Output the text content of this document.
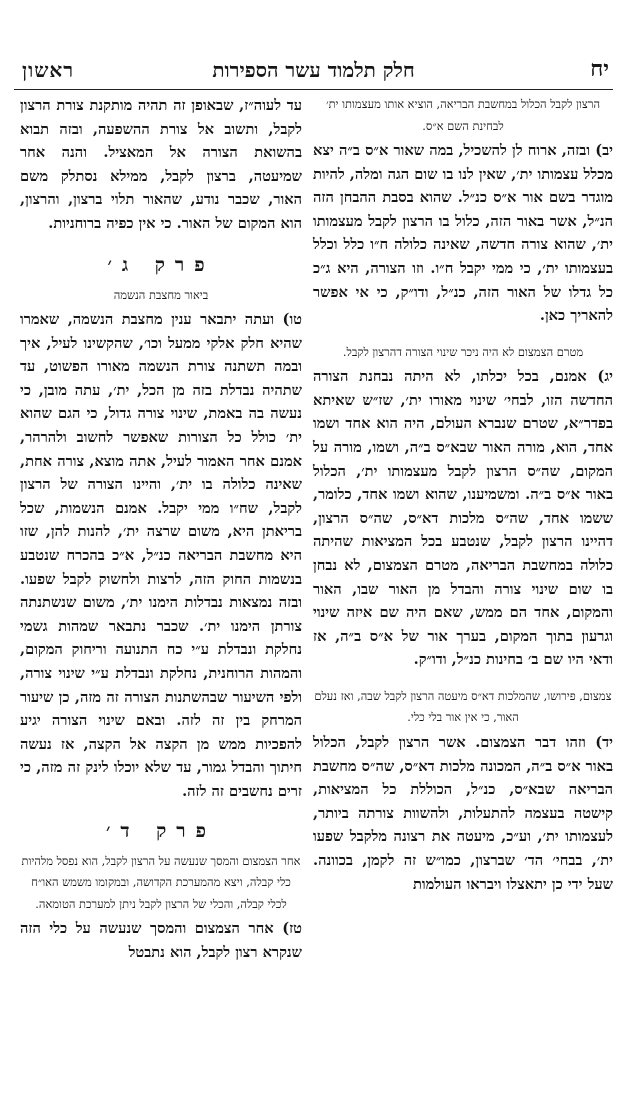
יח
חלק תלמוד עשר הספירות
ראשון

הרצון לקבל הכלול במחשבת הבריאה, הוציא אותו מעצמותו ית׳ לבחינת השם א״ס.

יב) ובזה, ארוח לן להשכיל, במה שאור א״ס ב״ה יצא מכלל עצמותו ית׳, שאין לנו בו שום הגה ומלה, להיות מוגדר בשם אור א״ס כנ״ל. שהוא בסבת ההבחן הזה הנ״ל, אשר באור הזה, כלול בו הרצון לקבל מעצמותו ית׳, שהוא צורה חדשה, שאינה כלולה ח״ו כלל וכלל בעצמותו ית׳, כי ממי יקבל ח״ו. וזו הצורה, היא ג״כ כל גדלו של האור הזה, כנ״ל, ודו״ק, כי אי אפשר להאריך כאן.

מטרם הצמצום לא היה ניכר שינוי הצורה דהרצון לקבל.

יג) אמנם, בכל יכלתו, לא היתה נבחנת הצורה החדשה הזו, לבחי׳ שינוי מאורו ית׳, שז״ש שאיתא בפדר״א, שטרם שנברא העולם, היה הוא אחד ושמו אחד, הוא, מורה האור שבא״ס ב״ה, ושמו, מורה על המקום, שה״ס הרצון לקבל מעצמותו ית׳, הכלול באור א״ס ב״ה. ומשמיענו, שהוא ושמו אחד, כלומר, ששמו אחד, שה״ס מלכות דא״ס, שה״ס הרצון, דהיינו הרצון לקבל, שנטבע בכל המציאות שהיתה כלולה במחשבת הבריאה, מטרם הצמצום, לא נבחן בו שום שינוי צורה והבדל מן האור שבו, האור והמקום, אחד הם ממש, שאם היה שם איזה שינוי וגרעון בתוך המקום, בערך אור של א״ס ב״ה, אז ודאי היו שם ב׳ בחינות כנ״ל, ודו״ק.

צמצום, פירושו, שהמלכות דא״ס מיעטה הרצון לקבל שבה, ואז נעלם האור, כי אין אור בלי כלי.

יד) וזהו דבר הצמצום. אשר הרצון לקבל, הכלול באור א״ס ב״ה, המכונה מלכות דא״ס, שה״ס מחשבת הבריאה שבא״ס, כנ״ל, הכוללת כל המציאות, קישטה בעצמה להתעלות, ולהשוות צורתה ביותר, לעצמותו ית׳, וע״כ, מיעטה את רצונה מלקבל שפעו ית׳, בבחי׳ הד׳ שברצון, כמו״ש זה לקמן, בכוונה. שעל ידי כן יתאצלו ויבראו העולמות

עד לעוה״ז, שבאופן זה תהיה מותקנת צורת הרצון לקבל, ותשוב אל צורת ההשפעה, ובזה תבוא בהשואת הצורה אל המאציל. והנה אחר שמיעטה, ברצון לקבל, ממילא נסתלק משם האור, שכבר נודע, שהאור תלוי ברצון, והרצון, הוא המקום של האור. כי אין כפיה ברוחניות.

פרק ג׳

ביאור מחצבת הנשמה

טו) ועתה יתבאר ענין מחצבת הנשמה, שאמרו שהיא חלק אלקי ממעל וכו׳, שהקשינו לעיל, איך ובמה תשתנה צורת הנשמה מאורו הפשוט, עד שתהיה נבדלת בזה מן הכל, ית׳, עתה מובן, כי נעשה בה באמת, שינוי צורה גדול, כי הגם שהוא ית׳ כולל כל הצורות שאפשר לחשוב ולהרהר, אמנם אחר האמור לעיל, אתה מוצא, צורה אחת, שאינה כלולה בו ית׳, והיינו הצורה של הרצון לקבל, שח״ו ממי יקבל. אמנם הנשמות, שכל בריאתן היא, משום שרצה ית׳, להנות להן, שזו היא מחשבת הבריאה כנ״ל, א״כ בהכרח שנטבע בנשמות החוק הזה, לרצות ולחשוק לקבל שפעו. ובזה נמצאות נבדלות הימנו ית׳, משום שנשתנתה צורתן הימנו ית׳. שכבר נתבאר שמהות גשמי נחלקת ונבדלת ע״י כח התנועה וריחוק המקום, והמהות הרוחנית, נחלקת ונבדלת ע״י שינוי צורה, ולפי השיעור שבהשתנות הצורה זה מזה, כן שיעור המרחק בין זה לזה. ובאם שינוי הצורה יגיע להפכיות ממש מן הקצה אל הקצה, אז נעשה חיתוך והבדל גמור, עד שלא יוכלו לינק זה מזה, כי זרים נחשבים זה לזה.

פרק ד׳

אחר הצמצום והמסך שנעשה על הרצון לקבל, הוא נפסל מלהיות כלי קבלה, ויצא מהמערכת הקדושה, ובמקומו משמש האו״ח לכלי קבלה, והכלי של הרצון לקבל ניתן למערכת הטומאה.

טז) אחר הצמצום והמסך שנעשה על כלי הזה שנקרא רצון לקבל, הוא נתבטל
